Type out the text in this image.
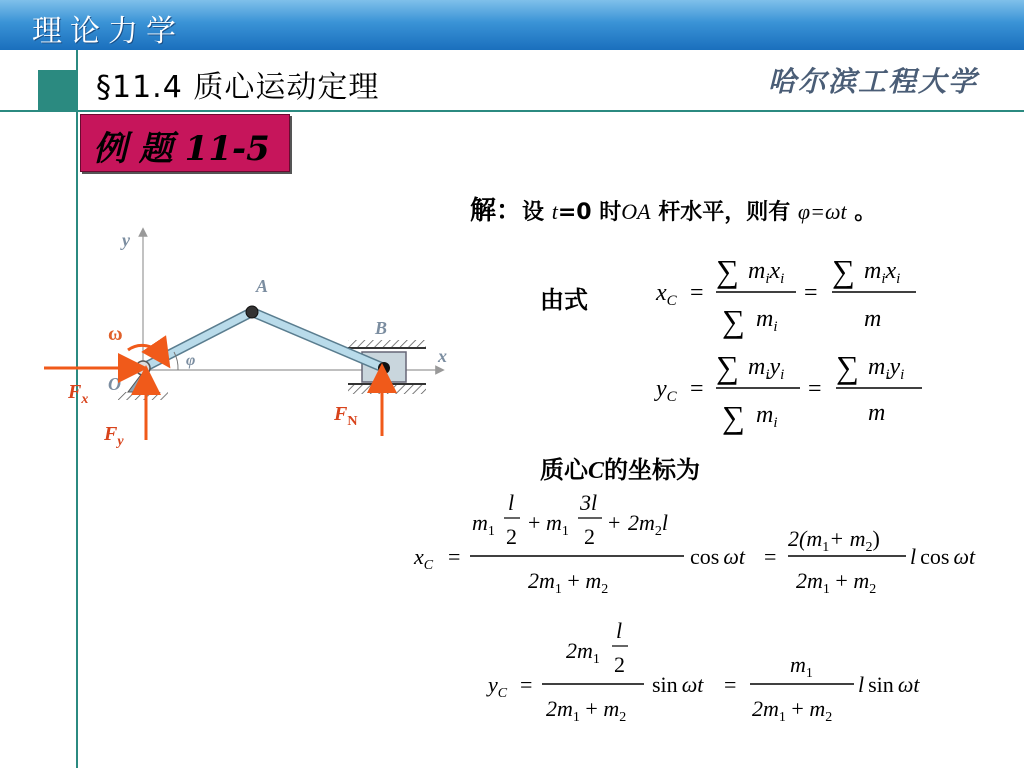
理论力学
§11.4 质心运动定理	哈尔滨工程大学
例 题 11-5
解：设 t=0 时OA 杆水平，则有 φ=ωt 。
由式
质心C的坐标为
y
x
φ
ω
A
B
O
$F_x$
$F_y$
$F_N$
$x_C$ =
∑ $m_ix_i$
∑ $m_i$
=
∑ $m_ix_i$
m
$y_C$ =
∑ $m_iy_i$
∑ $m_i$
=
∑ $m_iy_i$
m
$x_C$ =
$m_1$
l
2
+ $m_1$
3l
2
+ $2m_2l$
$2m_1 + m_2$
cos ωt =
$2(m_1+ m_2)$
$2m_1 + m_2$
l cos ωt
$y_C$ =
$2m_1$
l
2
$2m_1 + m_2$
sin ωt =
$m_1$
$2m_1 + m_2$
l sin ωt
